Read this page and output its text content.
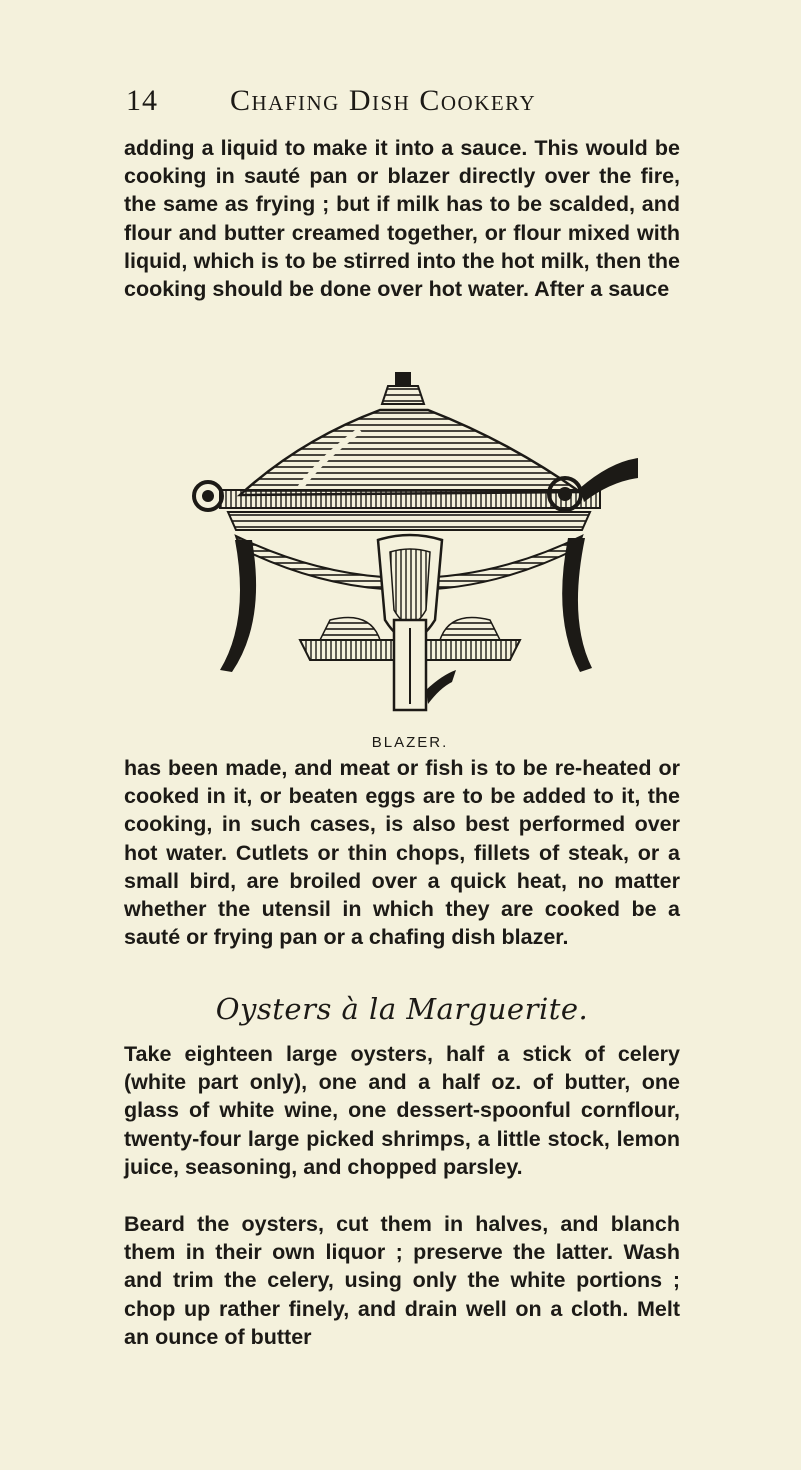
14 Chafing Dish Cookery

adding a liquid to make it into a sauce. This would be cooking in sauté pan or blazer directly over the fire, the same as frying ; but if milk has to be scalded, and flour and butter creamed together, or flour mixed with liquid, which is to be stirred into the hot milk, then the cooking should be done over hot water. After a sauce

BLAZER.

has been made, and meat or fish is to be re-heated or cooked in it, or beaten eggs are to be added to it, the cooking, in such cases, is also best performed over hot water. Cutlets or thin chops, fillets of steak, or a small bird, are broiled over a quick heat, no matter whether the utensil in which they are cooked be a sauté or frying pan or a chafing dish blazer.

Oysters à la Marguerite.

Take eighteen large oysters, half a stick of celery (white part only), one and a half oz. of butter, one glass of white wine, one dessert-spoonful cornflour, twenty-four large picked shrimps, a little stock, lemon juice, seasoning, and chopped parsley.

Beard the oysters, cut them in halves, and blanch them in their own liquor ; preserve the latter. Wash and trim the celery, using only the white portions ; chop up rather finely, and drain well on a cloth. Melt an ounce of butter
